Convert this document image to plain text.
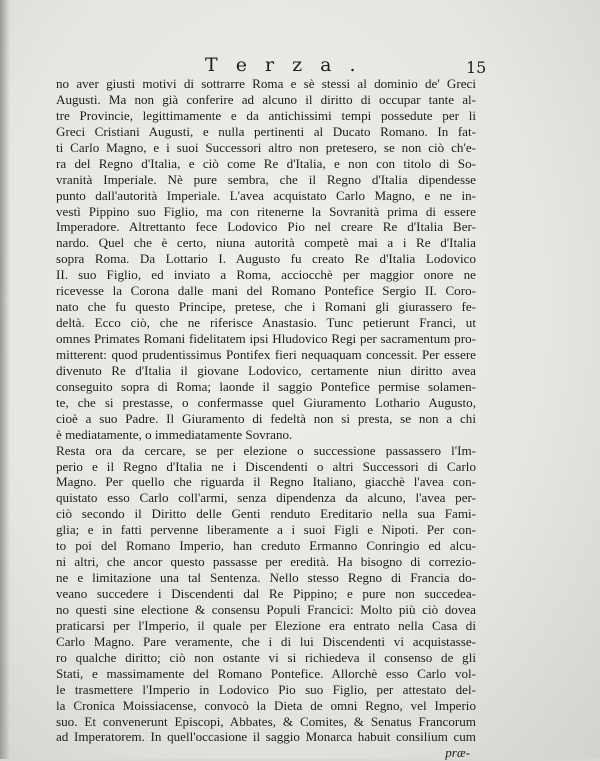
T e r z a .	15
no aver giusti motivi di sottrarre Roma e sè stessi al dominio de' Greci
Augusti. Ma non già conferire ad alcuno il diritto di occupar tante al-
tre Provincie, legittimamente e da antichissimi tempi possedute per li
Greci Cristiani Augusti, e nulla pertinenti al Ducato Romano. In fat-
ti Carlo Magno, e i suoi Successori altro non pretesero, se non ciò ch'e-
ra del Regno d'Italia, e ciò come Re d'Italia, e non con titolo di So-
vranità Imperiale. Nè pure sembra, che il Regno d'Italia dipendesse
punto dall'autorità Imperiale. L'avea acquistato Carlo Magno, e ne in-
vestì Pippino suo Figlio, ma con ritenerne la Sovranità prima di essere
Imperadore. Altrettanto fece Lodovico Pio nel creare Re d'Italia Ber-
nardo. Quel che è certo, niuna autorità competè mai a i Re d'Italia
sopra Roma. Da Lottario I. Augusto fu creato Re d'Italia Lodovico
II. suo Figlio, ed inviato a Roma, acciocchè per maggior onore ne
ricevesse la Corona dalle mani del Romano Pontefice Sergio II. Coro-
nato che fu questo Principe, pretese, che i Romani gli giurassero fe-
deltà. Ecco ciò, che ne riferisce Anastasio. Tunc petierunt Franci, ut
omnes Primates Romani fidelitatem ipsi Hludovico Regi per sacramentum pro-
mitterent: quod prudentissimus Pontifex fieri nequaquam concessit. Per essere
divenuto Re d'Italia il giovane Lodovico, certamente niun diritto avea
conseguito sopra di Roma; laonde il saggio Pontefice permise solamen-
te, che si prestasse, o confermasse quel Giuramento Lothario Augusto,
cioè a suo Padre. Il Giuramento di fedeltà non si presta, se non a chi
è mediatamente, o immediatamente Sovrano.
Resta ora da cercare, se per elezione o successione passassero l'Im-
perio e il Regno d'Italia ne i Discendenti o altri Successori di Carlo
Magno. Per quello che riguarda il Regno Italiano, giacchè l'avea con-
quistato esso Carlo coll'armi, senza dipendenza da alcuno, l'avea per-
ciò secondo il Diritto delle Genti renduto Ereditario nella sua Fami-
glia; e in fatti pervenne liberamente a i suoi Figli e Nipoti. Per con-
to poi del Romano Imperio, han creduto Ermanno Conringio ed alcu-
ni altri, che ancor questo passasse per eredità. Ha bisogno di correzio-
ne e limitazione una tal Sentenza. Nello stesso Regno di Francia do-
veano succedere i Discendenti dal Re Pippino; e pure non succedea-
no questi sine electione & consensu Populi Francici: Molto più ciò dovea
praticarsi per l'Imperio, il quale per Elezione era entrato nella Casa di
Carlo Magno. Pare veramente, che i di lui Discendenti vi acquistasse-
ro qualche diritto; ciò non ostante vi si richiedeva il consenso de gli
Stati, e massimamente del Romano Pontefice. Allorchè esso Carlo vol-
le trasmettere l'Imperio in Lodovico Pio suo Figlio, per attestato del-
la Cronica Moissiacense, convocò la Dieta de omni Regno, vel Imperio
suo. Et convenerunt Episcopi, Abbates, & Comites, & Senatus Francorum
ad Imperatorem. In quell'occasione il saggio Monarca habuit consilium cum
præ-
